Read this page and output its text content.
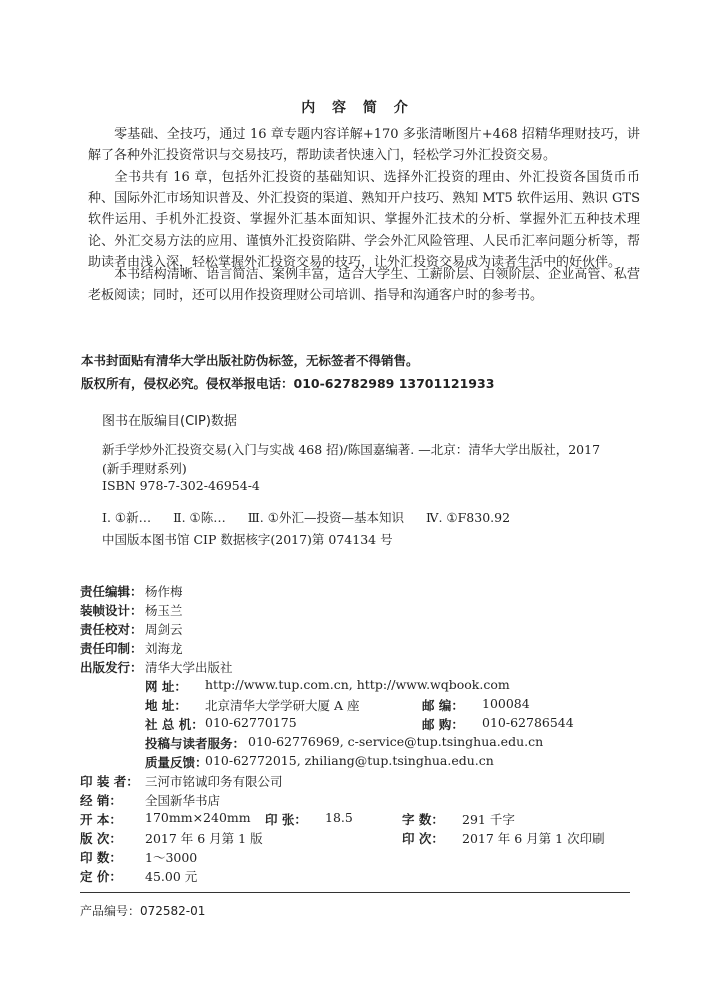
内 容 简 介
零基础、全技巧，通过 16 章专题内容详解+170 多张清晰图片+468 招精华理财技巧，讲解了各种外汇投资常识与交易技巧，帮助读者快速入门，轻松学习外汇投资交易。
全书共有 16 章，包括外汇投资的基础知识、选择外汇投资的理由、外汇投资各国货币币种、国际外汇市场知识普及、外汇投资的渠道、熟知开户技巧、熟知 MT5 软件运用、熟识 GTS 软件运用、手机外汇投资、掌握外汇基本面知识、掌握外汇技术的分析、掌握外汇五种技术理论、外汇交易方法的应用、谨慎外汇投资陷阱、学会外汇风险管理、人民币汇率问题分析等，帮助读者由浅入深，轻松掌握外汇投资交易的技巧，让外汇投资交易成为读者生活中的好伙伴。
本书结构清晰、语言简洁、案例丰富，适合大学生、工薪阶层、白领阶层、企业高管、私营老板阅读；同时，还可以用作投资理财公司培训、指导和沟通客户时的参考书。
本书封面贴有清华大学出版社防伪标签，无标签者不得销售。
版权所有，侵权必究。侵权举报电话：010-62782989 13701121933
图书在版编目(CIP)数据
新手学炒外汇投资交易(入门与实战 468 招)/陈国嘉编著. —北京：清华大学出版社，2017
(新手理财系列)
ISBN 978-7-302-46954-4
Ⅰ. ①新… Ⅱ. ①陈… Ⅲ. ①外汇—投资—基本知识 Ⅳ. ①F830.92
中国版本图书馆 CIP 数据核字(2017)第 074134 号
责任编辑： 杨作梅
装帧设计： 杨玉兰
责任校对： 周剑云
责任印制： 刘海龙
出版发行： 清华大学出版社
网 址： http://www.tup.com.cn, http://www.wqbook.com
地 址： 北京清华大学学研大厦 A 座	邮 编： 100084
社 总 机： 010-62770175	邮 购： 010-62786544
投稿与读者服务： 010-62776969, c-service@tup.tsinghua.edu.cn
质量反馈：
010-62772015, zhiliang@tup.tsinghua.edu.cn
印 装 者： 三河市铭诚印务有限公司
经 销： 全国新华书店
开 本： 170mm×240mm 印 张： 18.5	字 数： 291 千字
版 次： 2017 年 6 月第 1 版	印 次： 2017 年 6 月第 1 次印刷
印 数： 1～3000
定 价： 45.00 元
产品编号：072582-01
